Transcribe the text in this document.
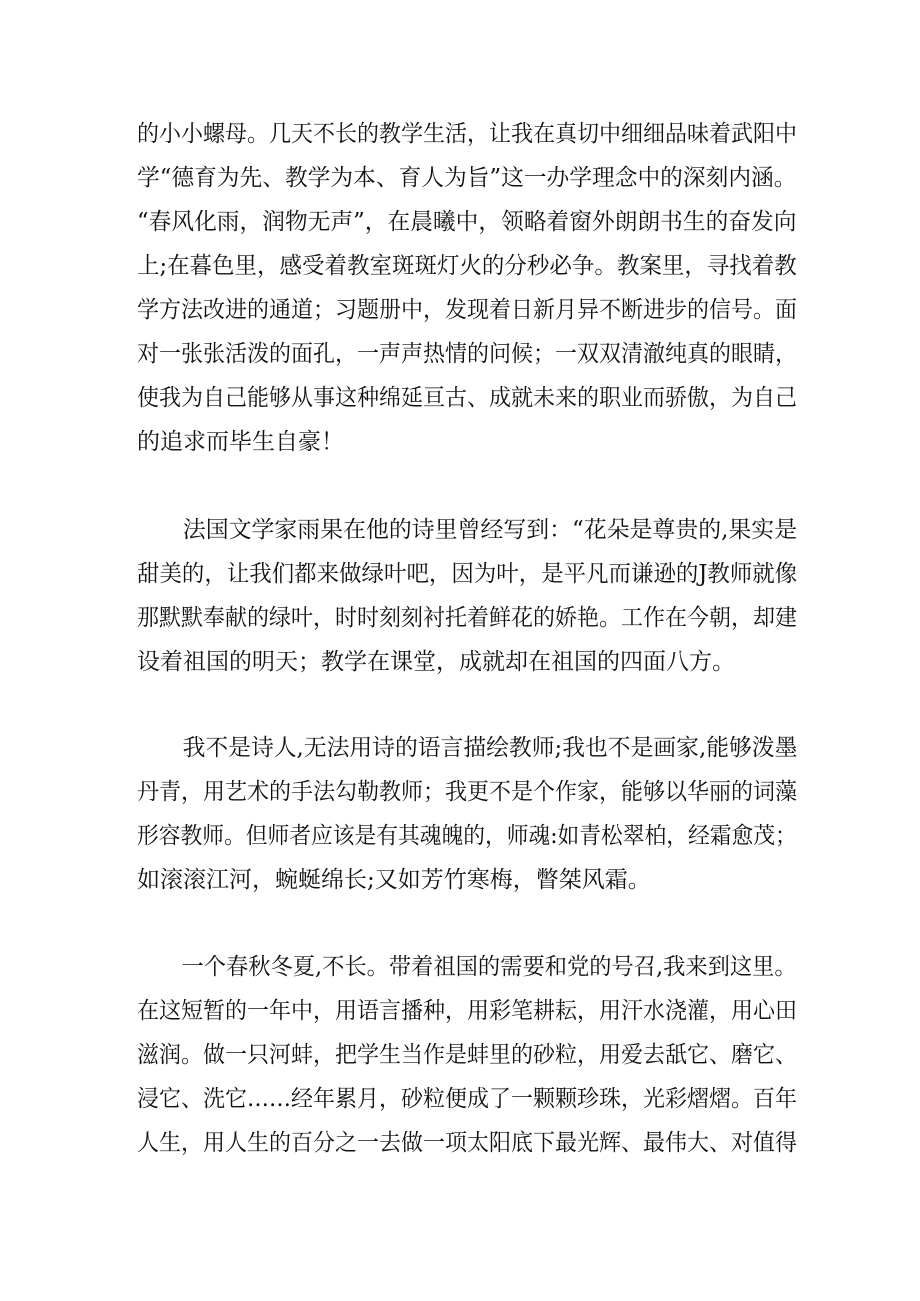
的小小螺母。几天不长的教学生活，让我在真切中细细品味着武阳中
学“德育为先、教学为本、育人为旨”这一办学理念中的深刻内涵。
“春风化雨，润物无声”，在晨曦中，领略着窗外朗朗书生的奋发向
上;在暮色里，感受着教室斑斑灯火的分秒必争。教案里，寻找着教
学方法改进的通道；习题册中，发现着日新月异不断进步的信号。面
对一张张活泼的面孔，一声声热情的问候；一双双清澈纯真的眼睛，
使我为自己能够从事这种绵延亘古、成就未来的职业而骄傲，为自己
的追求而毕生自豪！
　　法国文学家雨果在他的诗里曾经写到：“花朵是尊贵的,果实是
甜美的，让我们都来做绿叶吧，因为叶，是平凡而谦逊的J教师就像
那默默奉献的绿叶，时时刻刻衬托着鲜花的娇艳。工作在今朝，却建
设着祖国的明天；教学在课堂，成就却在祖国的四面八方。
　　我不是诗人,无法用诗的语言描绘教师;我也不是画家,能够泼墨
丹青，用艺术的手法勾勒教师；我更不是个作家，能够以华丽的词藻
形容教师。但师者应该是有其魂魄的，师魂:如青松翠柏，经霜愈茂；
如滚滚江河，蜿蜒绵长;又如芳竹寒梅，瞥桀风霜。
　　一个春秋冬夏,不长。带着祖国的需要和党的号召,我来到这里。
在这短暂的一年中，用语言播种，用彩笔耕耘，用汗水浇灌，用心田
滋润。做一只河蚌，把学生当作是蚌里的砂粒，用爱去舐它、磨它、
浸它、洗它……经年累月，砂粒便成了一颗颗珍珠，光彩熠熠。百年
人生，用人生的百分之一去做一项太阳底下最光辉、最伟大、对值得
